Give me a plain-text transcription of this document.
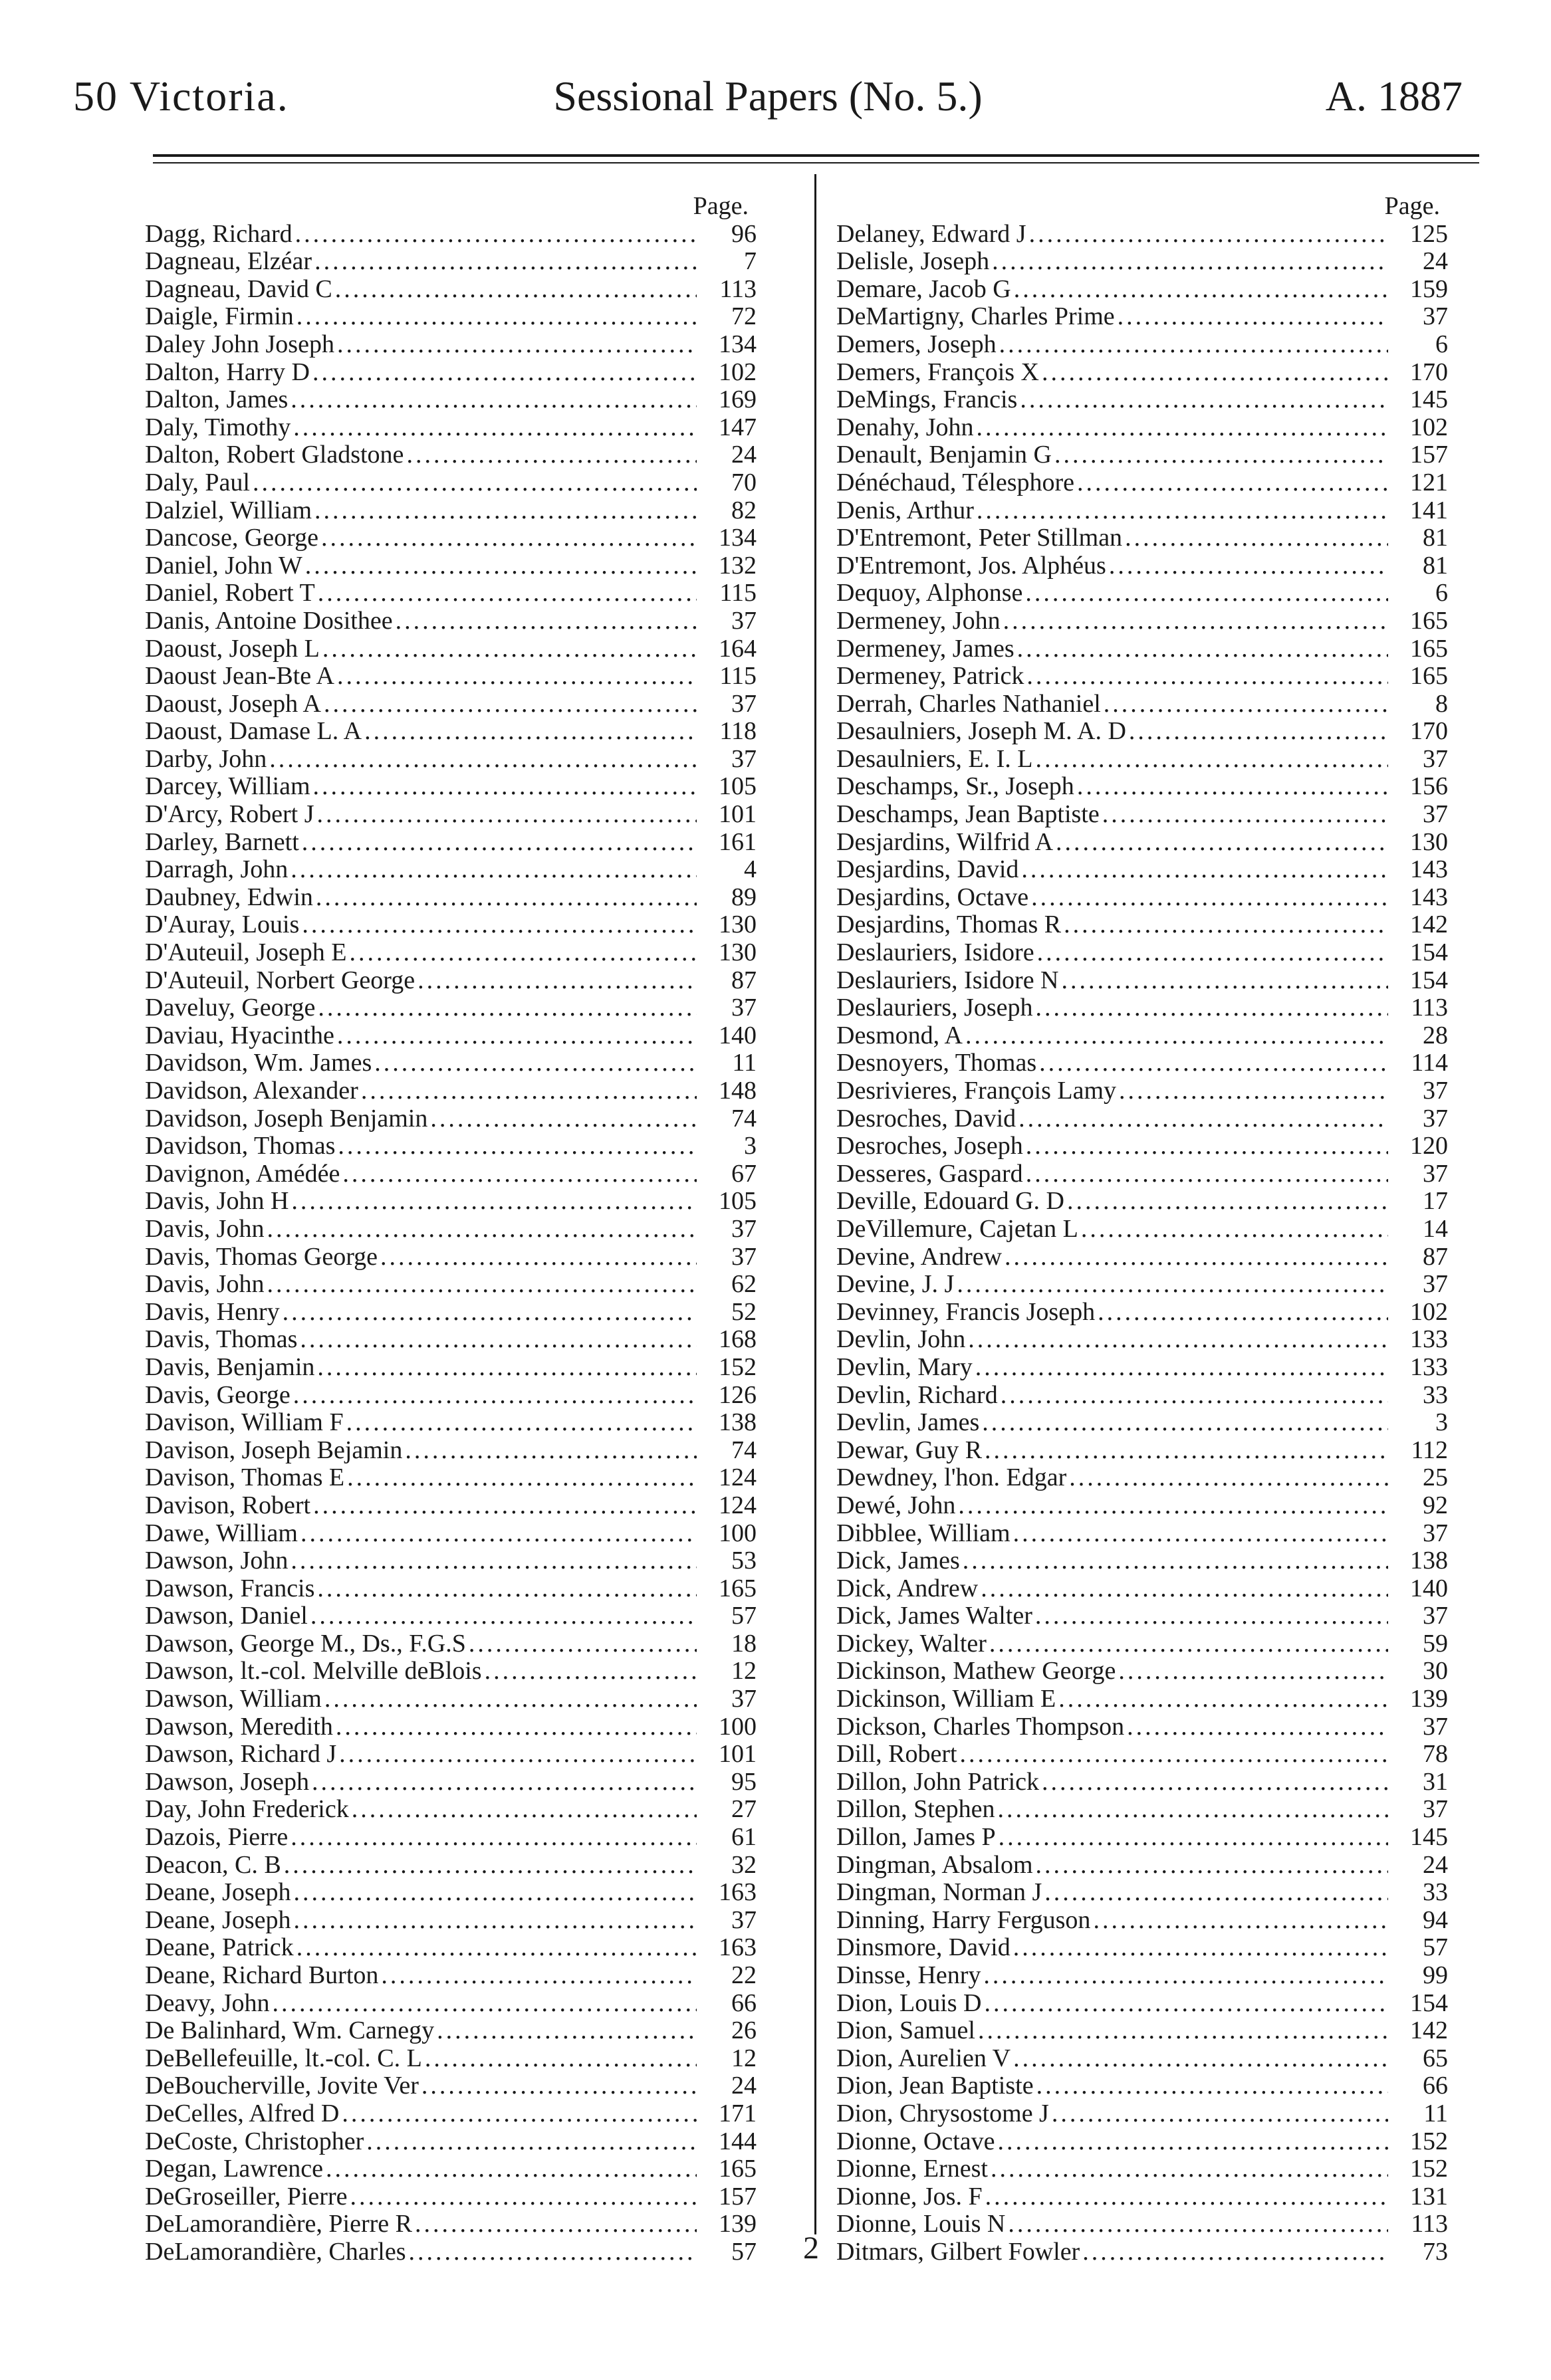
50 Victoria.	Sessional Papers (No. 5.)	A. 1887
Page.
Dagg, Richard .....	96
Dagneau, Elzéar .....	7
Dagneau, David C .....	113
Daigle, Firmin .....	72
Daley John Joseph .....	134
Dalton, Harry D .....	102
Dalton, James .....	169
Daly, Timothy .....	147
Dalton, Robert Gladstone .....	24
Daly, Paul .....	70
Dalziel, William .....	82
Dancose, George .....	134
Daniel, John W .....	132
Daniel, Robert T .....	115
Danis, Antoine Dosithee .....	37
Daoust, Joseph L .....	164
Daoust Jean-Bte A .....	115
Daoust, Joseph A .....	37
Daoust, Damase L. A .....	118
Darby, John .....	37
Darcey, William .....	105
D'Arcy, Robert J .....	101
Darley, Barnett .....	161
Darragh, John .....	4
Daubney, Edwin .....	89
D'Auray, Louis .....	130
D'Auteuil, Joseph E .....	130
D'Auteuil, Norbert George .....	87
Daveluy, George .....	37
Daviau, Hyacinthe .....	140
Davidson, Wm. James .....	11
Davidson, Alexander .....	148
Davidson, Joseph Benjamin .....	74
Davidson, Thomas .....	3
Davignon, Amédée .....	67
Davis, John H .....	105
Davis, John .....	37
Davis, Thomas George .....	37
Davis, John .....	62
Davis, Henry .....	52
Davis, Thomas .....	168
Davis, Benjamin .....	152
Davis, George .....	126
Davison, William F .....	138
Davison, Joseph Bejamin .....	74
Davison, Thomas E .....	124
Davison, Robert .....	124
Dawe, William .....	100
Dawson, John .....	53
Dawson, Francis .....	165
Dawson, Daniel .....	57
Dawson, George M., Ds., F.G.S .....	18
Dawson, lt.-col. Melville deBlois .....	12
Dawson, William .....	37
Dawson, Meredith .....	100
Dawson, Richard J .....	101
Dawson, Joseph .....	95
Day, John Frederick .....	27
Dazois, Pierre .....	61
Deacon, C. B .....	32
Deane, Joseph .....	163
Deane, Joseph .....	37
Deane, Patrick .....	163
Deane, Richard Burton .....	22
Deavy, John .....	66
De Balinhard, Wm. Carnegy .....	26
DeBellefeuille, lt.-col. C. L .....	12
DeBoucherville, Jovite Ver .....	24
DeCelles, Alfred D .....	171
DeCoste, Christopher .....	144
Degan, Lawrence .....	165
DeGroseiller, Pierre .....	157
DeLamorandière, Pierre R .....	139
DeLamorandière, Charles .....	57
Page.
Delaney, Edward J .....	125
Delisle, Joseph .....	24
Demare, Jacob G .....	159
DeMartigny, Charles Prime .....	37
Demers, Joseph .....	6
Demers, François X .....	170
DeMings, Francis .....	145
Denahy, John .....	102
Denault, Benjamin G .....	157
Dénéchaud, Télesphore .....	121
Denis, Arthur .....	141
D'Entremont, Peter Stillman .....	81
D'Entremont, Jos. Alphéus .....	81
Dequoy, Alphonse .....	6
Dermeney, John .....	165
Dermeney, James .....	165
Dermeney, Patrick .....	165
Derrah, Charles Nathaniel .....	8
Desaulniers, Joseph M. A. D .....	170
Desaulniers, E. I. L .....	37
Deschamps, Sr., Joseph .....	156
Deschamps, Jean Baptiste .....	37
Desjardins, Wilfrid A .....	130
Desjardins, David .....	143
Desjardins, Octave .....	143
Desjardins, Thomas R .....	142
Deslauriers, Isidore .....	154
Deslauriers, Isidore N .....	154
Deslauriers, Joseph .....	113
Desmond, A .....	28
Desnoyers, Thomas .....	114
Desrivieres, François Lamy .....	37
Desroches, David .....	37
Desroches, Joseph .....	120
Desseres, Gaspard .....	37
Deville, Edouard G. D .....	17
DeVillemure, Cajetan L .....	14
Devine, Andrew .....	87
Devine, J. J .....	37
Devinney, Francis Joseph .....	102
Devlin, John .....	133
Devlin, Mary .....	133
Devlin, Richard .....	33
Devlin, James .....	3
Dewar, Guy R .....	112
Dewdney, l'hon. Edgar .....	25
Dewé, John .....	92
Dibblee, William .....	37
Dick, James .....	138
Dick, Andrew .....	140
Dick, James Walter .....	37
Dickey, Walter .....	59
Dickinson, Mathew George .....	30
Dickinson, William E .....	139
Dickson, Charles Thompson .....	37
Dill, Robert .....	78
Dillon, John Patrick .....	31
Dillon, Stephen .....	37
Dillon, James P .....	145
Dingman, Absalom .....	24
Dingman, Norman J .....	33
Dinning, Harry Ferguson .....	94
Dinsmore, David .....	57
Dinsse, Henry .....	99
Dion, Louis D .....	154
Dion, Samuel .....	142
Dion, Aurelien V .....	65
Dion, Jean Baptiste .....	66
Dion, Chrysostome J .....	11
Dionne, Octave .....	152
Dionne, Ernest .....	152
Dionne, Jos. F .....	131
Dionne, Louis N .....	113
Ditmars, Gilbert Fowler .....	73
2
